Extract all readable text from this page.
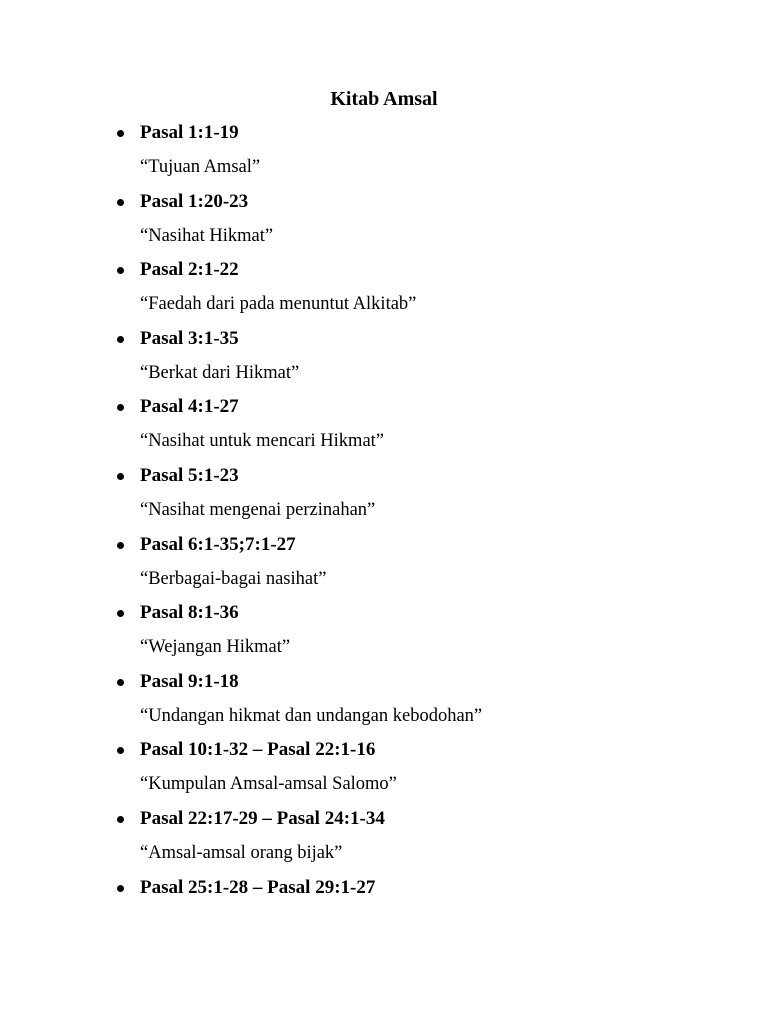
Kitab Amsal
Pasal 1:1-19
“Tujuan Amsal”
Pasal 1:20-23
“Nasihat Hikmat”
Pasal 2:1-22
“Faedah dari pada menuntut Alkitab”
Pasal 3:1-35
“Berkat dari Hikmat”
Pasal 4:1-27
“Nasihat untuk mencari Hikmat”
Pasal 5:1-23
“Nasihat mengenai perzinahan”
Pasal 6:1-35;7:1-27
“Berbagai-bagai nasihat”
Pasal 8:1-36
“Wejangan Hikmat”
Pasal 9:1-18
“Undangan hikmat dan undangan kebodohan”
Pasal 10:1-32 – Pasal 22:1-16
“Kumpulan Amsal-amsal Salomo”
Pasal 22:17-29 – Pasal 24:1-34
“Amsal-amsal orang bijak”
Pasal 25:1-28 – Pasal 29:1-27
